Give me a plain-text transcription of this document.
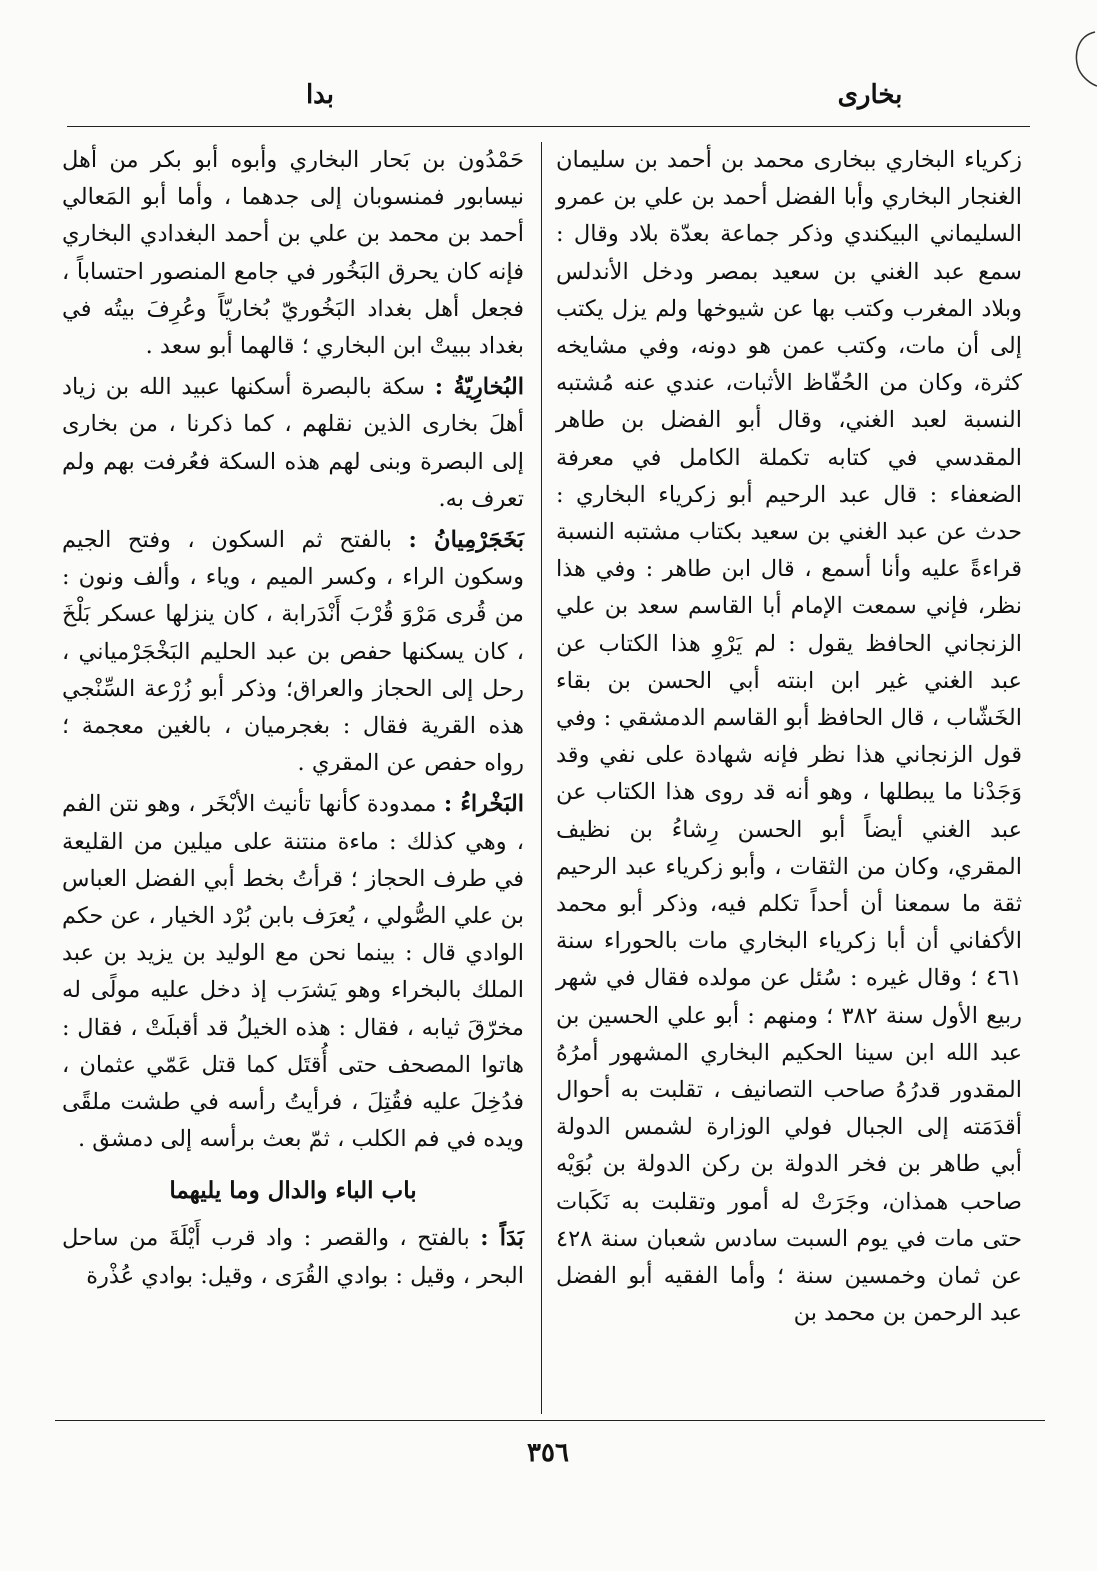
بخارى
بدا

زكرياء البخاري ببخارى محمد بن أحمد بن سليمان الغنجار البخاري وأبا الفضل أحمد بن علي بن عمرو السليماني البيكندي وذكر جماعة بعدّة بلاد وقال : سمع عبد الغني بن سعيد بمصر ودخل الأندلس وبلاد المغرب وكتب بها عن شيوخها ولم يزل يكتب إلى أن مات، وكتب عمن هو دونه، وفي مشايخه كثرة، وكان من الحُفّاظ الأثبات، عندي عنه مُشتبه النسبة لعبد الغني، وقال أبو الفضل بن طاهر المقدسي في كتابه تكملة الكامل في معرفة الضعفاء : قال عبد الرحيم أبو زكرياء البخاري : حدث عن عبد الغني بن سعيد بكتاب مشتبه النسبة قراءةً عليه وأنا أسمع ، قال ابن طاهر : وفي هذا نظر، فإني سمعت الإمام أبا القاسم سعد بن علي الزنجاني الحافظ يقول : لم يَرْوِ هذا الكتاب عن عبد الغني غير ابن ابنته أبي الحسن بن بقاء الخَشّاب ، قال الحافظ أبو القاسم الدمشقي : وفي قول الزنجاني هذا نظر فإنه شهادة على نفي وقد وَجَدْنا ما يبطلها ، وهو أنه قد روى هذا الكتاب عن عبد الغني أيضاً أبو الحسن رِشاءُ بن نظيف المقري، وكان من الثقات ، وأبو زكرياء عبد الرحيم ثقة ما سمعنا أن أحداً تكلم فيه، وذكر أبو محمد الأكفاني أن أبا زكرياء البخاري مات بالحوراء سنة ٤٦١ ؛ وقال غيره : سُئل عن مولده فقال في شهر ربيع الأول سنة ٣٨٢ ؛ ومنهم : أبو علي الحسين بن عبد الله ابن سينا الحكيم البخاري المشهور أمرُهُ المقدور قدرُهُ صاحب التصانيف ، تقلبت به أحوال أقدَمَته إلى الجبال فولي الوزارة لشمس الدولة أبي طاهر بن فخر الدولة بن ركن الدولة بن بُوَيْه صاحب همذان، وجَرَتْ له أمور وتقلبت به نَكَبات حتى مات في يوم السبت سادس شعبان سنة ٤٢٨ عن ثمان وخمسين سنة ؛ وأما الفقيه أبو الفضل عبد الرحمن بن محمد بن

حَمْدُون بن بَحار البخاري وأبوه أبو بكر من أهل نيسابور فمنسوبان إلى جدهما ، وأما أبو المَعالي أحمد بن محمد بن علي بن أحمد البغدادي البخاري فإنه كان يحرق البَخُور في جامع المنصور احتساباً ، فجعل أهل بغداد البَخُوريّ بُخاريّاً وعُرِفَ بيتُه في بغداد ببيتْ ابن البخاري ؛ قالهما أبو سعد .

البُخارِيّةُ : سكة بالبصرة أسكنها عبيد الله بن زياد أهلَ بخارى الذين نقلهم ، كما ذكرنا ، من بخارى إلى البصرة وبنى لهم هذه السكة فعُرفت بهم ولم تعرف به.

بَخَجَرْمِيانُ : بالفتح ثم السكون ، وفتح الجيم وسكون الراء ، وكسر الميم ، وياء ، وألف ونون : من قُرى مَرْوَ قُرْبَ أَنْدَرابة ، كان ينزلها عسكر بَلْخَ ، كان يسكنها حفص بن عبد الحليم البَخْجَرْمياني ، رحل إلى الحجاز والعراق؛ وذكر أبو زُرْعة السِّنْجي هذه القرية فقال : بغجرميان ، بالغين معجمة ؛ رواه حفص عن المقري .

البَخْراءُ : ممدودة كأنها تأنيث الأبْخَر ، وهو نتن الفم ، وهي كذلك : ماءة منتنة على ميلين من القليعة في طرف الحجاز ؛ قرأتُ بخط أبي الفضل العباس بن علي الصُّولي ، يُعرَف بابن بُرْد الخيار ، عن حكم الوادي قال : بينما نحن مع الوليد بن يزيد بن عبد الملك بالبخراء وهو يَشرَب إذ دخل عليه مولًى له مخرّقَ ثيابه ، فقال : هذه الخيلُ قد أقبلَتْ ، فقال : هاتوا المصحف حتى أُقتَل كما قتل عَمّي عثمان ، فدُخِلَ عليه فقُتِلَ ، فرأيتُ رأسه في طشت ملقًى ويده في فم الكلب ، ثمّ بعث برأسه إلى دمشق .

باب الباء والدال وما يليهما

بَدَاً : بالفتح ، والقصر : واد قرب أَيْلَةَ من ساحل البحر ، وقيل : بوادي القُرَى ، وقيل: بوادي عُذْرة

٣٥٦
